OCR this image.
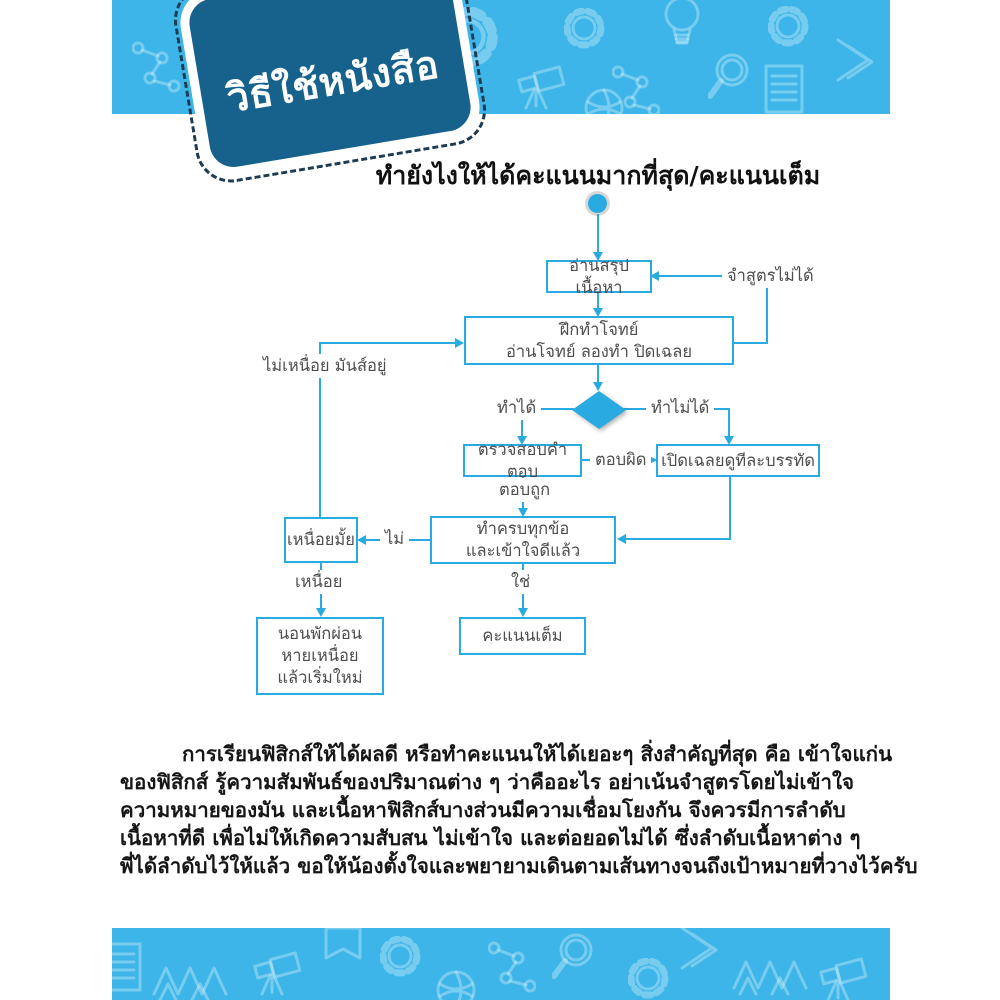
วิธีใช้หนังสือ
ทำยังไงให้ได้คะแนนมากที่สุด/คะแนนเต็ม
จำสูตรไม่ได้
ไม่เหนื่อย มันส์อยู่
ทำได้	ทำไม่ได้
ตอบผิด
ตอบถูก
ไม่
เหนื่อย	ใช่
อ่านสรุปเนื้อหา
ฝึกทำโจทย์
อ่านโจทย์ ลองทำ ปิดเฉลย
ตรวจสอบคำตอบ
เปิดเฉลยดูทีละบรรทัด
ทำครบทุกข้อ
และเข้าใจดีแล้ว
เหนื่อยมั้ย
นอนพักผ่อน
หายเหนื่อย
แล้วเริ่มใหม่
คะแนนเต็ม
การเรียนฟิสิกส์ให้ได้ผลดี หรือทำคะแนนให้ได้เยอะๆ สิ่งสำคัญที่สุด คือ เข้าใจแก่น
ของฟิสิกส์ รู้ความสัมพันธ์ของปริมาณต่าง ๆ ว่าคืออะไร อย่าเน้นจำสูตรโดยไม่เข้าใจ
ความหมายของมัน และเนื้อหาฟิสิกส์บางส่วนมีความเชื่อมโยงกัน จึงควรมีการลำดับ
เนื้อหาที่ดี เพื่อไม่ให้เกิดความสับสน ไม่เข้าใจ และต่อยอดไม่ได้ ซึ่งลำดับเนื้อหาต่าง ๆ
พี่ได้ลำดับไว้ให้แล้ว ขอให้น้องตั้งใจและพยายามเดินตามเส้นทางจนถึงเป้าหมายที่วางไว้ครับ
